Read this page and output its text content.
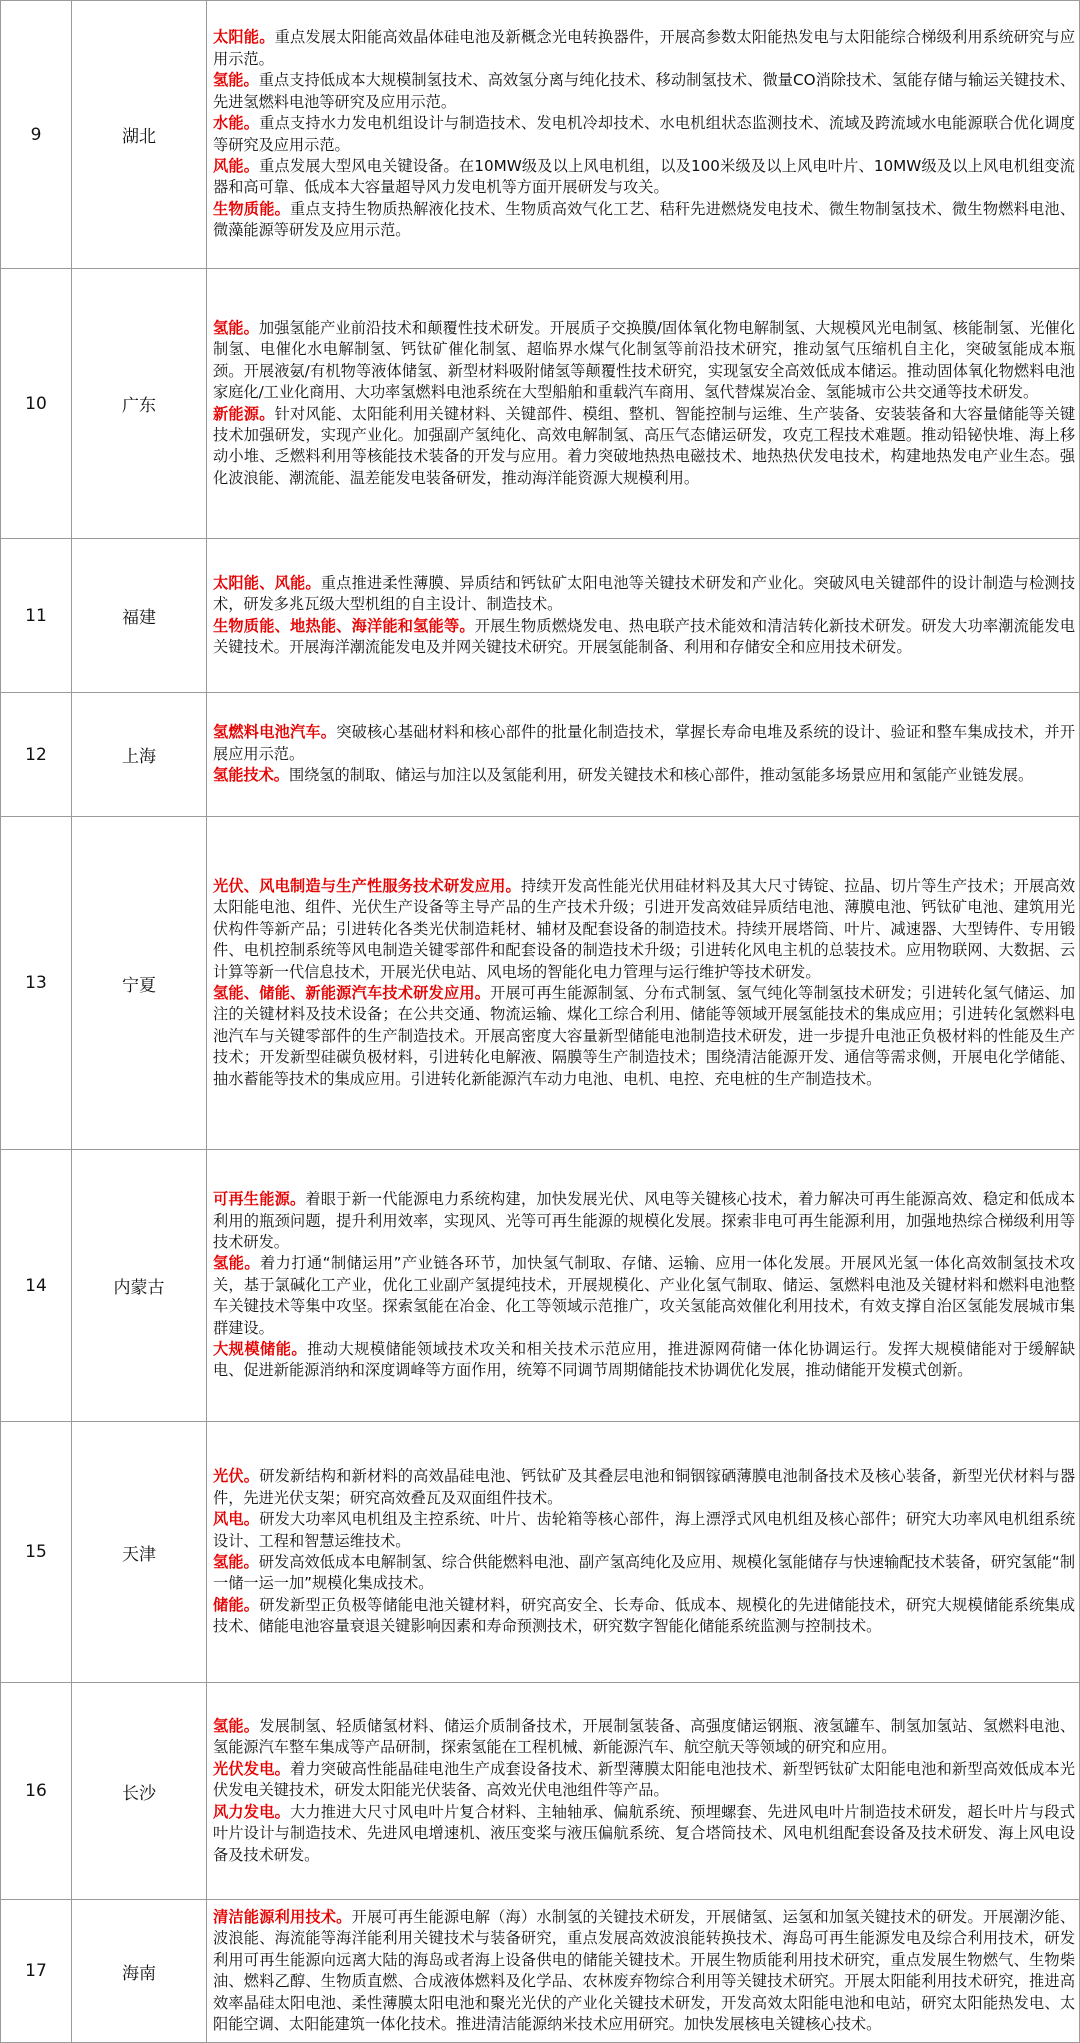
9	湖北	太阳能。重点发展太阳能高效晶体硅电池及新概念光电转换器件，开展高参数太阳能热发电与太阳能综合梯级利用系统研究与应用示范。
氢能。重点支持低成本大规模制氢技术、高效氢分离与纯化技术、移动制氢技术、微量CO消除技术、氢能存储与输运关键技术、先进氢燃料电池等研究及应用示范。
水能。重点支持水力发电机组设计与制造技术、发电机冷却技术、水电机组状态监测技术、流域及跨流域水电能源联合优化调度等研究及应用示范。
风能。重点发展大型风电关键设备。在10MW级及以上风电机组，以及100米级及以上风电叶片、10MW级及以上风电机组变流器和高可靠、低成本大容量超导风力发电机等方面开展研发与攻关。
生物质能。重点支持生物质热解液化技术、生物质高效气化工艺、秸秆先进燃烧发电技术、微生物制氢技术、微生物燃料电池、微藻能源等研发及应用示范。

10	广东	氢能。加强氢能产业前沿技术和颠覆性技术研发。开展质子交换膜/固体氧化物电解制氢、大规模风光电制氢、核能制氢、光催化制氢、电催化水电解制氢、钙钛矿催化制氢、超临界水煤气化制氢等前沿技术研究，推动氢气压缩机自主化，突破氢能成本瓶颈。开展液氨/有机物等液体储氢、新型材料吸附储氢等颠覆性技术研究，实现氢安全高效低成本储运。推动固体氧化物燃料电池家庭化/工业化商用、大功率氢燃料电池系统在大型船舶和重载汽车商用、氢代替煤炭冶金、氢能城市公共交通等技术研发。
新能源。针对风能、太阳能利用关键材料、关键部件、模组、整机、智能控制与运维、生产装备、安装装备和大容量储能等关键技术加强研发，实现产业化。加强副产氢纯化、高效电解制氢、高压气态储运研发，攻克工程技术难题。推动铅铋快堆、海上移动小堆、乏燃料利用等核能技术装备的开发与应用。着力突破地热热电磁技术、地热热伏发电技术，构建地热发电产业生态。强化波浪能、潮流能、温差能发电装备研发，推动海洋能资源大规模利用。

11	福建	太阳能、风能。重点推进柔性薄膜、异质结和钙钛矿太阳电池等关键技术研发和产业化。突破风电关键部件的设计制造与检测技术，研发多兆瓦级大型机组的自主设计、制造技术。
生物质能、地热能、海洋能和氢能等。开展生物质燃烧发电、热电联产技术能效和清洁转化新技术研发。研发大功率潮流能发电关键技术。开展海洋潮流能发电及并网关键技术研究。开展氢能制备、利用和存储安全和应用技术研发。

12	上海	氢燃料电池汽车。突破核心基础材料和核心部件的批量化制造技术，掌握长寿命电堆及系统的设计、验证和整车集成技术，并开展应用示范。
氢能技术。围绕氢的制取、储运与加注以及氢能利用，研发关键技术和核心部件，推动氢能多场景应用和氢能产业链发展。

13	宁夏	光伏、风电制造与生产性服务技术研发应用。持续开发高性能光伏用硅材料及其大尺寸铸锭、拉晶、切片等生产技术；开展高效太阳能电池、组件、光伏生产设备等主导产品的生产技术升级；引进开发高效硅异质结电池、薄膜电池、钙钛矿电池、建筑用光伏构件等新产品；引进转化各类光伏制造耗材、辅材及配套设备的制造技术。持续开展塔筒、叶片、减速器、大型铸件、专用锻件、电机控制系统等风电制造关键零部件和配套设备的制造技术升级；引进转化风电主机的总装技术。应用物联网、大数据、云计算等新一代信息技术，开展光伏电站、风电场的智能化电力管理与运行维护等技术研发。
氢能、储能、新能源汽车技术研发应用。开展可再生能源制氢、分布式制氢、氢气纯化等制氢技术研发；引进转化氢气储运、加注的关键材料及技术设备；在公共交通、物流运输、煤化工综合利用、储能等领域开展氢能技术的集成应用；引进转化氢燃料电池汽车与关键零部件的生产制造技术。开展高密度大容量新型储能电池制造技术研发，进一步提升电池正负极材料的性能及生产技术；开发新型硅碳负极材料，引进转化电解液、隔膜等生产制造技术；围绕清洁能源开发、通信等需求侧，开展电化学储能、抽水蓄能等技术的集成应用。引进转化新能源汽车动力电池、电机、电控、充电桩的生产制造技术。

14	内蒙古	可再生能源。着眼于新一代能源电力系统构建，加快发展光伏、风电等关键核心技术，着力解决可再生能源高效、稳定和低成本利用的瓶颈问题，提升利用效率，实现风、光等可再生能源的规模化发展。探索非电可再生能源利用，加强地热综合梯级利用等技术研发。
氢能。着力打通“制储运用”产业链各环节，加快氢气制取、存储、运输、应用一体化发展。开展风光氢一体化高效制氢技术攻关，基于氯碱化工产业，优化工业副产氢提纯技术，开展规模化、产业化氢气制取、储运、氢燃料电池及关键材料和燃料电池整车关键技术等集中攻坚。探索氢能在冶金、化工等领域示范推广，攻关氢能高效催化利用技术，有效支撑自治区氢能发展城市集群建设。
大规模储能。推动大规模储能领域技术攻关和相关技术示范应用，推进源网荷储一体化协调运行。发挥大规模储能对于缓解缺电、促进新能源消纳和深度调峰等方面作用，统筹不同调节周期储能技术协调优化发展，推动储能开发模式创新。

15	天津	光伏。研发新结构和新材料的高效晶硅电池、钙钛矿及其叠层电池和铜铟镓硒薄膜电池制备技术及核心装备，新型光伏材料与器件，先进光伏支架；研究高效叠瓦及双面组件技术。
风电。研发大功率风电机组及主控系统、叶片、齿轮箱等核心部件，海上漂浮式风电机组及核心部件；研究大功率风电机组系统设计、工程和智慧运维技术。
氢能。研发高效低成本电解制氢、综合供能燃料电池、副产氢高纯化及应用、规模化氢能储存与快速输配技术装备，研究氢能“制一储一运一加”规模化集成技术。
储能。研发新型正负极等储能电池关键材料，研究高安全、长寿命、低成本、规模化的先进储能技术，研究大规模储能系统集成技术、储能电池容量衰退关键影响因素和寿命预测技术，研究数字智能化储能系统监测与控制技术。

16	长沙	氢能。发展制氢、轻质储氢材料、储运介质制备技术，开展制氢装备、高强度储运钢瓶、液氢罐车、制氢加氢站、氢燃料电池、氢能源汽车整车集成等产品研制，探索氢能在工程机械、新能源汽车、航空航天等领域的研究和应用。
光伏发电。着力突破高性能晶硅电池生产成套设备技术、新型薄膜太阳能电池技术、新型钙钛矿太阳能电池和新型高效低成本光伏发电关键技术，研发太阳能光伏装备、高效光伏电池组件等产品。
风力发电。大力推进大尺寸风电叶片复合材料、主轴轴承、偏航系统、预埋螺套、先进风电叶片制造技术研发，超长叶片与段式叶片设计与制造技术、先进风电增速机、液压变桨与液压偏航系统、复合塔筒技术、风电机组配套设备及技术研发、海上风电设备及技术研发。

17	海南	清洁能源利用技术。开展可再生能源电解（海）水制氢的关键技术研发，开展储氢、运氢和加氢关键技术的研发。开展潮汐能、波浪能、海流能等海洋能利用关键技术与装备研究，重点发展高效波浪能转换技术、海岛可再生能源发电及综合利用技术，研发利用可再生能源向远离大陆的海岛或者海上设备供电的储能关键技术。开展生物质能利用技术研究，重点发展生物燃气、生物柴油、燃料乙醇、生物质直燃、合成液体燃料及化学品、农林废弃物综合利用等关键技术研究。开展太阳能利用技术研究，推进高效率晶硅太阳电池、柔性薄膜太阳电池和聚光光伏的产业化关键技术研发，开发高效太阳能电池和电站，研究太阳能热发电、太阳能空调、太阳能建筑一体化技术。推进清洁能源纳米技术应用研究。加快发展核电关键核心技术。
